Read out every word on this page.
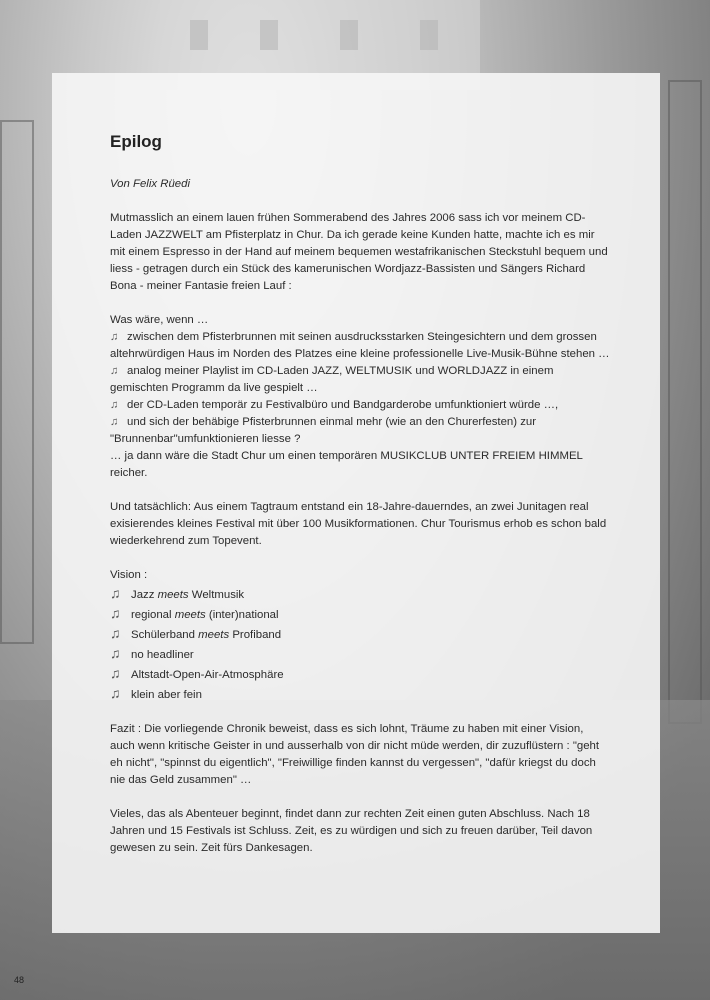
Epilog
Von Felix Rüedi

Mutmasslich an einem lauen frühen Sommerabend des Jahres 2006 sass ich vor meinem CD-Laden JAZZWELT am Pfisterplatz in Chur. Da ich gerade keine Kunden hatte, machte ich es mir mit einem Espresso in der Hand auf meinem bequemen westafrikanischen Steckstuhl bequem und liess - getragen durch ein Stück des kamerunischen Wordjazz-Bassisten und Sängers Richard Bona - meiner Fantasie freien Lauf :

Was wäre, wenn …
♫ zwischen dem Pfisterbrunnen mit seinen ausdrucksstarken Steingesichtern und dem grossen altehrwürdigen Haus im Norden des Platzes eine kleine professionelle Live-Musik-Bühne stehen …
♫ analog meiner Playlist im CD-Laden JAZZ, WELTMUSIK und WORLDJAZZ in einem gemischten Programm da live gespielt …
♫ der CD-Laden temporär zu Festivalbüro und Bandgarderobe umfunktioniert würde …,
♫ und sich der behäbige Pfisterbrunnen einmal mehr (wie an den Churerfesten) zur "Brunnenbar"umfunktionieren liesse ?
… ja dann wäre die Stadt Chur um einen temporären MUSIKCLUB UNTER FREIEM HIMMEL reicher.

Und tatsächlich: Aus einem Tagtraum entstand ein 18-Jahre-dauerndes, an zwei Junitagen real exisierendes kleines Festival mit über 100 Musikformationen. Chur Tourismus erhob es schon bald wiederkehrend zum Topevent.

Vision :
♫ Jazz meets Weltmusik
♫ regional meets (inter)national
♫ Schülerband meets Profiband
♫ no headliner
♫ Altstadt-Open-Air-Atmosphäre
♫ klein aber fein

Fazit : Die vorliegende Chronik beweist, dass es sich lohnt, Träume zu haben mit einer Vision, auch wenn kritische Geister in und ausserhalb von dir nicht müde werden, dir zuzuflüstern : "geht eh nicht", "spinnst du eigentlich", "Freiwillige finden kannst du vergessen", "dafür kriegst du doch nie das Geld zusammen" …

Vieles, das als Abenteuer beginnt, findet dann zur rechten Zeit einen guten Abschluss. Nach 18 Jahren und 15 Festivals ist Schluss. Zeit, es zu würdigen und sich zu freuen darüber, Teil davon gewesen zu sein. Zeit fürs Dankesagen.

48
